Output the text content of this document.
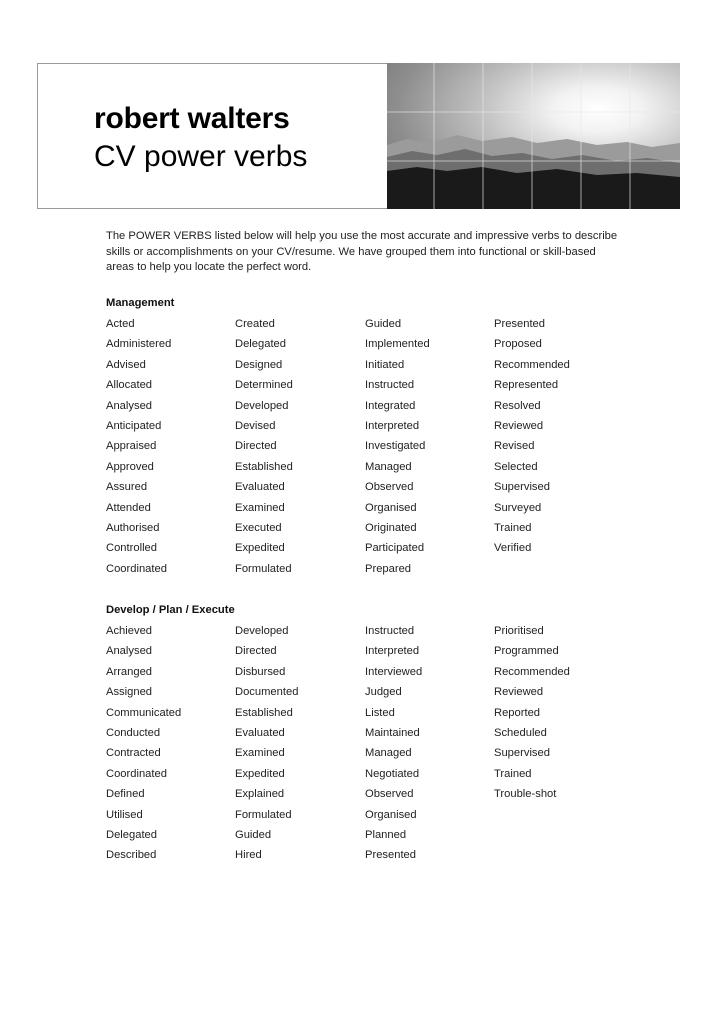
robert walters
CV power verbs
The POWER VERBS listed below will help you use the most accurate and impressive verbs to describe skills or accomplishments on your CV/resume. We have grouped them into functional or skill-based areas to help you locate the perfect word.
Management
Acted
Administered
Advised
Allocated
Analysed
Anticipated
Appraised
Approved
Assured
Attended
Authorised
Controlled
Coordinated
Created
Delegated
Designed
Determined
Developed
Devised
Directed
Established
Evaluated
Examined
Executed
Expedited
Formulated
Guided
Implemented
Initiated
Instructed
Integrated
Interpreted
Investigated
Managed
Observed
Organised
Originated
Participated
Prepared
Presented
Proposed
Recommended
Represented
Resolved
Reviewed
Revised
Selected
Supervised
Surveyed
Trained
Verified
Develop / Plan / Execute
Achieved
Analysed
Arranged
Assigned
Communicated
Conducted
Contracted
Coordinated
Defined
Utilised
Delegated
Described
Developed
Directed
Disbursed
Documented
Established
Evaluated
Examined
Expedited
Explained
Formulated
Guided
Hired
Instructed
Interpreted
Interviewed
Judged
Listed
Maintained
Managed
Negotiated
Observed
Organised
Planned
Presented
Prioritised
Programmed
Recommended
Reviewed
Reported
Scheduled
Supervised
Trained
Trouble-shot
